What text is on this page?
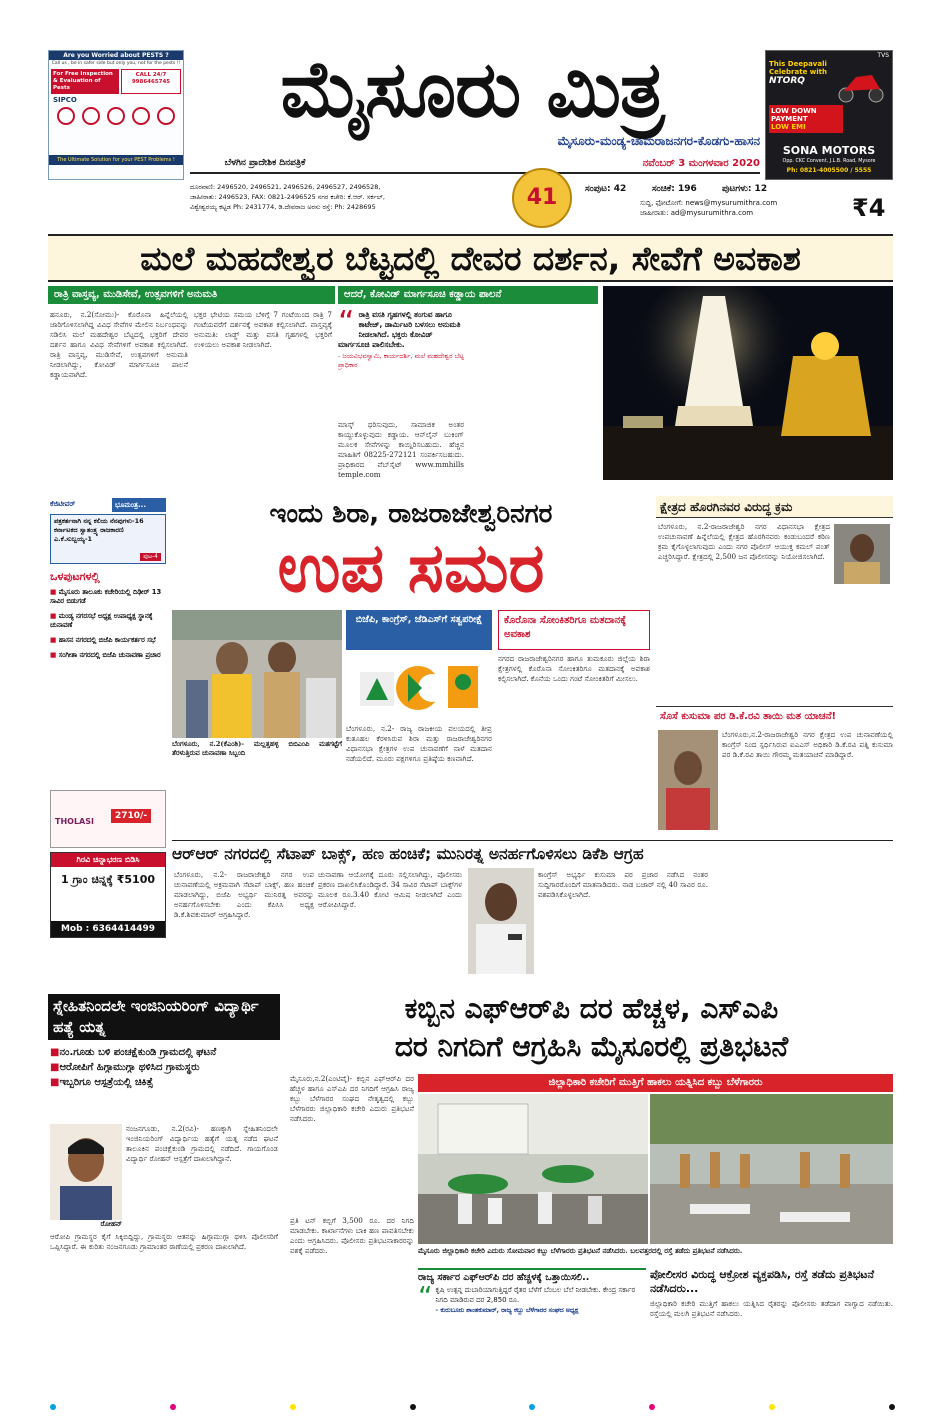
Are you Worried about PESTS ?
Call us , be in safer side but only you, not for the pests !!
For Free Inspection & Evaluation of Pests
CALL 24/7 9986465745
SIPCO
The Ultimate Solution for your PEST Problems !
ಮೈಸೂರು ಮಿತ್ರ
ಮೈಸೂರು-ಮಂಡ್ಯ-ಚಾಮರಾಜನಗರ-ಕೊಡಗು-ಹಾಸನ
ಬೆಳಗಿನ ಪ್ರಾದೇಶಿಕ ದಿನಪತ್ರಿಕೆ	ನವೆಂಬರ್ 3 ಮಂಗಳವಾರ 2020
TVS
This Deepavali
Celebrate with
NTORQ
LOW DOWN
PAYMENT
LOW EMI
SONA MOTORS
Opp. CKC Convent, J.L.B. Road, Mysore
Ph: 0821-4005500 / 5555
ದೂರವಾಣಿ: 2496520, 2496521, 2496526, 2496527, 2496528,
ಜಾಹೀರಾತು: 2496523, FAX: 0821-2496525 ನಗರ ಕಚೇರಿ: ಕೆ.ಆರ್. ಸರ್ಕಲ್,
ವಿಶ್ವೇಶ್ವರಯ್ಯ ಕಟ್ಟಡ Ph: 2431774, ಡಿ.ದೇವರಾಜ ಅರಸು ರಸ್ತೆ: Ph: 2428695	41	ಸಂಪುಟ: 42	ಸಂಚಿಕೆ: 196	ಪುಟಗಳು: 12
ಸುದ್ದಿ, ಫೋಟೋಗೆ: news@mysurumithra.com
ಜಾಹೀರಾತು: ad@mysurumithra.com	₹4
ಮಲೆ ಮಹದೇಶ್ವರ ಬೆಟ್ಟದಲ್ಲಿ ದೇವರ ದರ್ಶನ, ಸೇವೆಗೆ ಅವಕಾಶ
ರಾತ್ರಿ ವಾಸ್ತವ್ಯ, ಮುಡಿಸೇವೆ, ಉತ್ಸವಗಳಿಗೆ ಅನುಮತಿ	ಆದರೆ, ಕೋವಿಡ್ ಮಾರ್ಗಸೂಚಿ ಕಡ್ಡಾಯ ಪಾಲನೆ
ಹನೂರು, ನ.2(ಸೋಮು)- ಕೊರೊನಾ ಹಿನ್ನೆಲೆಯಲ್ಲಿ ಜಾರಿಗೊಳಿಸಲಾಗಿದ್ದ ವಿವಿಧ ಸೇವೆಗಳ ಮೇಲಿನ ನಿರ್ಬಂಧವನ್ನು ಸಡಿಲಿಸಿ ಮಲೆ ಮಹದೇಶ್ವರ ಬೆಟ್ಟದಲ್ಲಿ ಭಕ್ತರಿಗೆ ದೇವರ ದರ್ಶನ ಹಾಗೂ ವಿವಿಧ ಸೇವೆಗಳಿಗೆ ಅವಕಾಶ ಕಲ್ಪಿಸಲಾಗಿದೆ. ರಾತ್ರಿ ವಾಸ್ತವ್ಯ, ಮುಡಿಸೇವೆ, ಉತ್ಸವಗಳಿಗೆ ಅನುಮತಿ ನೀಡಲಾಗಿದ್ದು, ಕೋವಿಡ್ ಮಾರ್ಗಸೂಚಿ ಪಾಲನೆ ಕಡ್ಡಾಯವಾಗಿದೆ.
ಭಕ್ತರ ಭೇಟಿಯ ಸಮಯ ಬೆಳಿಗ್ಗೆ 7 ಗಂಟೆಯಿಂದ ರಾತ್ರಿ 7 ಗಂಟೆಯವರೆಗೆ ದರ್ಶನಕ್ಕೆ ಅವಕಾಶ ಕಲ್ಪಿಸಲಾಗಿದೆ. ವಾಸ್ತವ್ಯಕ್ಕೆ ಅನುಮತಿ: ಲಾಡ್ಜ್ ಮತ್ತು ವಸತಿ ಗೃಹಗಳಲ್ಲಿ ಭಕ್ತರಿಗೆ ಉಳಿಯಲು ಅವಕಾಶ ನೀಡಲಾಗಿದೆ.
“ ರಾತ್ರಿ ವಸತಿ ಗೃಹಗಳಲ್ಲಿ ತಂಗುವ ಹಾಗೂ ಕಾಟೇಜ್, ಡಾರ್ಮಿಟರಿ ಬಳಸಲು ಅನುಮತಿ ನೀಡಲಾಗಿದೆ. ಭಕ್ತರು ಕೋವಿಡ್ ಮಾರ್ಗಸೂಚಿ ಪಾಲಿಸಬೇಕು.
- ಜಯವಿಭವಸ್ವಾಮಿ, ಕಾರ್ಯದರ್ಶಿ, ಮಲೆ ಮಹದೇಶ್ವರ ಬೆಟ್ಟ ಪ್ರಾಧಿಕಾರ
ಮಾಸ್ಕ್ ಧರಿಸುವುದು, ಸಾಮಾಜಿಕ ಅಂತರ ಕಾಯ್ದುಕೊಳ್ಳುವುದು ಕಡ್ಡಾಯ. ಆನ್‌ಲೈನ್ ಬುಕಿಂಗ್ ಮೂಲಕ ಸೇವೆಗಳನ್ನು ಕಾಯ್ದಿರಿಸಬಹುದು. ಹೆಚ್ಚಿನ ಮಾಹಿತಿಗೆ 08225-272121 ಸಂಪರ್ಕಿಸಬಹುದು. ಪ್ರಾಧಿಕಾರದ ವೆಬ್‌ಸೈಟ್ www.mmhills temple.com
ಕೆಜಿಟೀವರ್	ಭೂಮಂತ್ರ...
ಪತ್ರಕರ್ತನಾಗಿ ನನ್ನ ಕಲಿಯ ನೆನಪುಗಳು-16 ಕರ್ನಾಟಕದ ಸ್ವಾತಂತ್ರ್ಯ ರಾಜಕಾರಣಿ ಎ.ಕೆ.ಸುಬ್ಬಯ್ಯ-1
ಪುಟ-4
ಒಳಪುಟಗಳಲ್ಲಿ
■ ಮೈಸೂರು ತಾಲೂಕು ಕಚೇರಿಯಲ್ಲಿ ದಿಢೀರ್ 13 ಸಾವಿರ ಬಿಡುಗಡೆ
■ ಮಂಡ್ಯ ನಗರಸಭೆ ಅಧ್ಯಕ್ಷ ಉಪಾಧ್ಯಕ್ಷ ಸ್ಥಾನಕ್ಕೆ ಚುನಾವಣೆ
■ ಹಾಸನ ನಗರದಲ್ಲಿ ಬಿಜೆಪಿ ಕಾರ್ಯಕರ್ತರ ಸಭೆ
■ ಸಂಗೀತಾ ನಗರದಲ್ಲಿ ಬಿಜೆಪಿ ಚುನಾವಣಾ ಪ್ರಚಾರ
THOLASI
2710/-
ಗಿರವಿ ಚಿನ್ನಾಭರಣ ಬಿಡಿಸಿ
1 ಗ್ರಾಂ ಚಿನ್ನಕ್ಕೆ ₹5100
Mob : 6364414499
ಇಂದು ಶಿರಾ, ರಾಜರಾಜೇಶ್ವರಿನಗರ
ಉಪ ಸಮರ
ಬೆಂಗಳೂರು, ನ.2(ಕೆಎಂಶಿ)- ಮಲ್ಲತ್ತಹಳ್ಳಿ ಬಿಬಿಎಂಪಿ ಮತಗಟ್ಟೆಗೆ ತೆರಳುತ್ತಿರುವ ಚುನಾವಣಾ ಸಿಬ್ಬಂದಿ
ಬಿಜೆಪಿ, ಕಾಂಗ್ರೆಸ್, ಜೆಡಿಎಸ್‌ಗೆ ಸತ್ವಪರೀಕ್ಷೆ
ಬೆಂಗಳೂರು, ನ.2- ರಾಜ್ಯ ರಾಜಕೀಯ ವಲಯದಲ್ಲಿ ತೀವ್ರ ಕುತೂಹಲ ಕೆರಳಿಸಿರುವ ಶಿರಾ ಮತ್ತು ರಾಜರಾಜೇಶ್ವರಿನಗರ ವಿಧಾನಸಭಾ ಕ್ಷೇತ್ರಗಳ ಉಪ ಚುನಾವಣೆಗೆ ನಾಳೆ ಮತದಾನ ನಡೆಯಲಿದೆ. ಮೂರು ಪಕ್ಷಗಳಿಗೂ ಪ್ರತಿಷ್ಠೆಯ ಕಣವಾಗಿದೆ.
ಕೊರೊನಾ ಸೋಂಕಿತರಿಗೂ ಮತದಾನಕ್ಕೆ ಅವಕಾಶ
ನಗರದ ರಾಜರಾಜೇಶ್ವರಿನಗರ ಹಾಗೂ ತುಮಕೂರು ಜಿಲ್ಲೆಯ ಶಿರಾ ಕ್ಷೇತ್ರಗಳಲ್ಲಿ ಕೊರೊನಾ ಸೋಂಕಿತರಿಗೂ ಮತದಾನಕ್ಕೆ ಅವಕಾಶ ಕಲ್ಪಿಸಲಾಗಿದೆ. ಕೊನೆಯ ಒಂದು ಗಂಟೆ ಸೋಂಕಿತರಿಗೆ ಮೀಸಲು.
ಕ್ಷೇತ್ರದ ಹೊರಗಿನವರ ವಿರುದ್ಧ ಕ್ರಮ
ಬೆಂಗಳೂರು, ನ.2-ರಾಜರಾಜೇಶ್ವರಿ ನಗರ ವಿಧಾನಸಭಾ ಕ್ಷೇತ್ರದ ಉಪಚುನಾವಣೆ ಹಿನ್ನೆಲೆಯಲ್ಲಿ ಕ್ಷೇತ್ರದ ಹೊರಗಿನವರು ಕಂಡುಬಂದರೆ ಕಠಿಣ ಕ್ರಮ ಕೈಗೊಳ್ಳಲಾಗುವುದು ಎಂದು ನಗರ ಪೊಲೀಸ್ ಆಯುಕ್ತ ಕಮಲ್ ಪಂತ್ ಎಚ್ಚರಿಸಿದ್ದಾರೆ. ಕ್ಷೇತ್ರದಲ್ಲಿ 2,500 ಜನ ಪೊಲೀಸರನ್ನು ನಿಯೋಜಿಸಲಾಗಿದೆ.
ಸೊಸೆ ಕುಸುಮಾ ಪರ ಡಿ.ಕೆ.ರವಿ ತಾಯಿ ಮತ ಯಾಚನೆ!
ಬೆಂಗಳೂರು,ನ.2-ರಾಜರಾಜೇಶ್ವರಿ ನಗರ ಕ್ಷೇತ್ರದ ಉಪ ಚುನಾವಣೆಯಲ್ಲಿ ಕಾಂಗ್ರೆಸ್ ನಿಂದ ಸ್ಪರ್ಧಿಸಿರುವ ಐಎಎಸ್ ಅಧಿಕಾರಿ ಡಿ.ಕೆ.ರವಿ ಪತ್ನಿ ಕುಸುಮಾ ಪರ ಡಿ.ಕೆ.ರವಿ ತಾಯಿ ಗೌರಮ್ಮ ಮತಯಾಚನೆ ಮಾಡಿದ್ದಾರೆ.
ಆರ್‌ಆರ್ ನಗರದಲ್ಲಿ ಸೆಟಾಪ್ ಬಾಕ್ಸ್, ಹಣ ಹಂಚಿಕೆ; ಮುನಿರತ್ನ ಅನರ್ಹಗೊಳಿಸಲು ಡಿಕೆಶಿ ಆಗ್ರಹ
ಬೆಂಗಳೂರು, ನ.2- ರಾಜರಾಜೇಶ್ವರಿ ನಗರ ಉಪ ಚುನಾವಣೆಯಲ್ಲಿ ಅಕ್ರಮವಾಗಿ ಸೆಟಾಪ್ ಬಾಕ್ಸ್, ಹಣ ಹಂಚಿಕೆ ಮಾಡಲಾಗಿದ್ದು, ಬಿಜೆಪಿ ಅಭ್ಯರ್ಥಿ ಮುನಿರತ್ನ ಅವರನ್ನು ಅನರ್ಹಗೊಳಿಸಬೇಕು ಎಂದು ಕೆಪಿಸಿಸಿ ಅಧ್ಯಕ್ಷ ಡಿ.ಕೆ.ಶಿವಕುಮಾರ್ ಆಗ್ರಹಿಸಿದ್ದಾರೆ.
ಚುನಾವಣಾ ಆಯೋಗಕ್ಕೆ ದೂರು ಸಲ್ಲಿಸಲಾಗಿದ್ದು, ಪೊಲೀಸರು ಪ್ರಕರಣ ದಾಖಲಿಸಿಕೊಂಡಿದ್ದಾರೆ. 34 ಸಾವಿರ ಸೆಟಾಪ್ ಬಾಕ್ಸ್‌ಗಳ ಮೂಲಕ ರೂ.3.40 ಕೋಟಿ ಆಮಿಷ ನೀಡಲಾಗಿದೆ ಎಂದು ಆರೋಪಿಸಿದ್ದಾರೆ.
ಕಾಂಗ್ರೆಸ್ ಅಭ್ಯರ್ಥಿ ಕುಸುಮಾ ಪರ ಪ್ರಚಾರ ನಡೆಸಿದ ನಂತರ ಸುದ್ದಿಗಾರರೊಂದಿಗೆ ಮಾತನಾಡಿದರು. ನಾಡ ಬಜಾರ್ ನಲ್ಲಿ 40 ಸಾವಿರ ರೂ. ವಶಪಡಿಸಿಕೊಳ್ಳಲಾಗಿದೆ.
ಸ್ನೇಹಿತನಿಂದಲೇ ಇಂಜಿನಿಯರಿಂಗ್ ವಿದ್ಯಾರ್ಥಿ ಹತ್ಯೆ ಯತ್ನ
■ನಂ.ಗೂಡು ಬಳಿ ಪಂಚಕ್ಷೆಕುಂಡಿ ಗ್ರಾಮದಲ್ಲಿ ಘಟನೆ
■ಆರೋಪಿಗೆ ಹಿಗ್ಗಾಮುಗ್ಗಾ ಥಳಿಸಿದ ಗ್ರಾಮಸ್ಥರು
■ಇಬ್ಬರಿಗೂ ಆಸ್ಪತ್ರೆಯಲ್ಲಿ ಚಿಕಿತ್ಸೆ
ರೋಹನ್
ನಂಜನಗೂಡು, ನ.2(ರವಿ)- ಹಣಕ್ಕಾಗಿ ಸ್ನೇಹಿತನಿಂದಲೇ ಇಂಜಿನಿಯರಿಂಗ್ ವಿದ್ಯಾರ್ಥಿಯ ಹತ್ಯೆಗೆ ಯತ್ನ ನಡೆದ ಘಟನೆ ತಾಲೂಕಿನ ಪಂಚಕ್ಷೆಕುಂಡಿ ಗ್ರಾಮದಲ್ಲಿ ನಡೆದಿದೆ. ಗಾಯಗೊಂಡ ವಿದ್ಯಾರ್ಥಿ ರೋಹನ್ ಆಸ್ಪತ್ರೆಗೆ ದಾಖಲಾಗಿದ್ದಾನೆ.
ಆರೋಪಿ ಗ್ರಾಮಸ್ಥರ ಕೈಗೆ ಸಿಕ್ಕಿಬಿದ್ದಿದ್ದು, ಗ್ರಾಮಸ್ಥರು ಆತನನ್ನು ಹಿಗ್ಗಾಮುಗ್ಗಾ ಥಳಿಸಿ ಪೊಲೀಸರಿಗೆ ಒಪ್ಪಿಸಿದ್ದಾರೆ. ಈ ಕುರಿತು ನಂಜನಗೂಡು ಗ್ರಾಮಾಂತರ ಠಾಣೆಯಲ್ಲಿ ಪ್ರಕರಣ ದಾಖಲಾಗಿದೆ.
ಕಬ್ಬಿನ ಎಫ್‌ಆರ್‌ಪಿ ದರ ಹೆಚ್ಚಳ, ಎಸ್‌ಎಪಿ
ದರ ನಿಗದಿಗೆ ಆಗ್ರಹಿಸಿ ಮೈಸೂರಲ್ಲಿ ಪ್ರತಿಭಟನೆ
ಮೈಸೂರು,ನ.2(ಎಂಟಿವೈ)- ಕಬ್ಬಿನ ಎಫ್‌ಆರ್‌ಪಿ ದರ ಹೆಚ್ಚಳ ಹಾಗೂ ಎಸ್‌ಎಪಿ ದರ ನಿಗದಿಗೆ ಆಗ್ರಹಿಸಿ ರಾಜ್ಯ ಕಬ್ಬು ಬೆಳೆಗಾರರ ಸಂಘದ ನೇತೃತ್ವದಲ್ಲಿ ಕಬ್ಬು ಬೆಳೆಗಾರರು ಜಿಲ್ಲಾಧಿಕಾರಿ ಕಚೇರಿ ಎದುರು ಪ್ರತಿಭಟನೆ ನಡೆಸಿದರು.
ಪ್ರತಿ ಟನ್ ಕಬ್ಬಿಗೆ 3,500 ರೂ. ದರ ನಿಗದಿ ಮಾಡಬೇಕು. ಕಾರ್ಖಾನೆಗಳು ಬಾಕಿ ಹಣ ಪಾವತಿಸಬೇಕು ಎಂದು ಆಗ್ರಹಿಸಿದರು. ಪೊಲೀಸರು ಪ್ರತಿಭಟನಾಕಾರರನ್ನು ವಶಕ್ಕೆ ಪಡೆದರು.
ಜಿಲ್ಲಾಧಿಕಾರಿ ಕಚೇರಿಗೆ ಮುತ್ತಿಗೆ ಹಾಕಲು ಯತ್ನಿಸಿದ ಕಬ್ಬು ಬೆಳೆಗಾರರು
ಮೈಸೂರು ಜಿಲ್ಲಾಧಿಕಾರಿ ಕಚೇರಿ ಎದುರು ಸೋಮವಾರ ಕಬ್ಬು ಬೆಳೆಗಾರರು ಪ್ರತಿಭಟನೆ ನಡೆಸಿದರು. ಬಲವತ್ತರದಲ್ಲಿ ರಸ್ತೆ ತಡೆದು ಪ್ರತಿಭಟನೆ ನಡೆಸಿದರು.
ರಾಜ್ಯ ಸರ್ಕಾರ ಎಫ್‌ಆರ್‌ಪಿ ದರ ಹೆಚ್ಚಳಕ್ಕೆ ಒತ್ತಾಯಿಸಲಿ..
“ ಕೃಷಿ ಉತ್ಪನ್ನ ದುಬಾರಿಯಾಗುತ್ತಿದ್ದರೆ ರೈತರ ಬೆಳೆಗೆ ಬೆಂಬಲ ಬೆಲೆ ನೀಡಬೇಕು. ಕೇಂದ್ರ ಸರ್ಕಾರ ನಿಗದಿ ಮಾಡಿರುವ ದರ 2,850 ರೂ.
- ಕುರುಬೂರು ಶಾಂತಕುಮಾರ್, ರಾಜ್ಯ ಕಬ್ಬು ಬೆಳೆಗಾರರ ಸಂಘದ ಅಧ್ಯಕ್ಷ
ಪೋಲೀಸರ ವಿರುದ್ಧ ಆಕ್ರೋಶ ವ್ಯಕ್ತಪಡಿಸಿ, ರಸ್ತೆ ತಡೆದು ಪ್ರತಿಭಟನೆ ನಡೆಸಿದರು...
ಜಿಲ್ಲಾಧಿಕಾರಿ ಕಚೇರಿ ಮುತ್ತಿಗೆ ಹಾಕಲು ಯತ್ನಿಸಿದ ರೈತರನ್ನು ಪೊಲೀಸರು ತಡೆದಾಗ ವಾಗ್ವಾದ ನಡೆಯಿತು. ರಸ್ತೆಯಲ್ಲಿ ಮಲಗಿ ಪ್ರತಿಭಟನೆ ನಡೆಸಿದರು.
